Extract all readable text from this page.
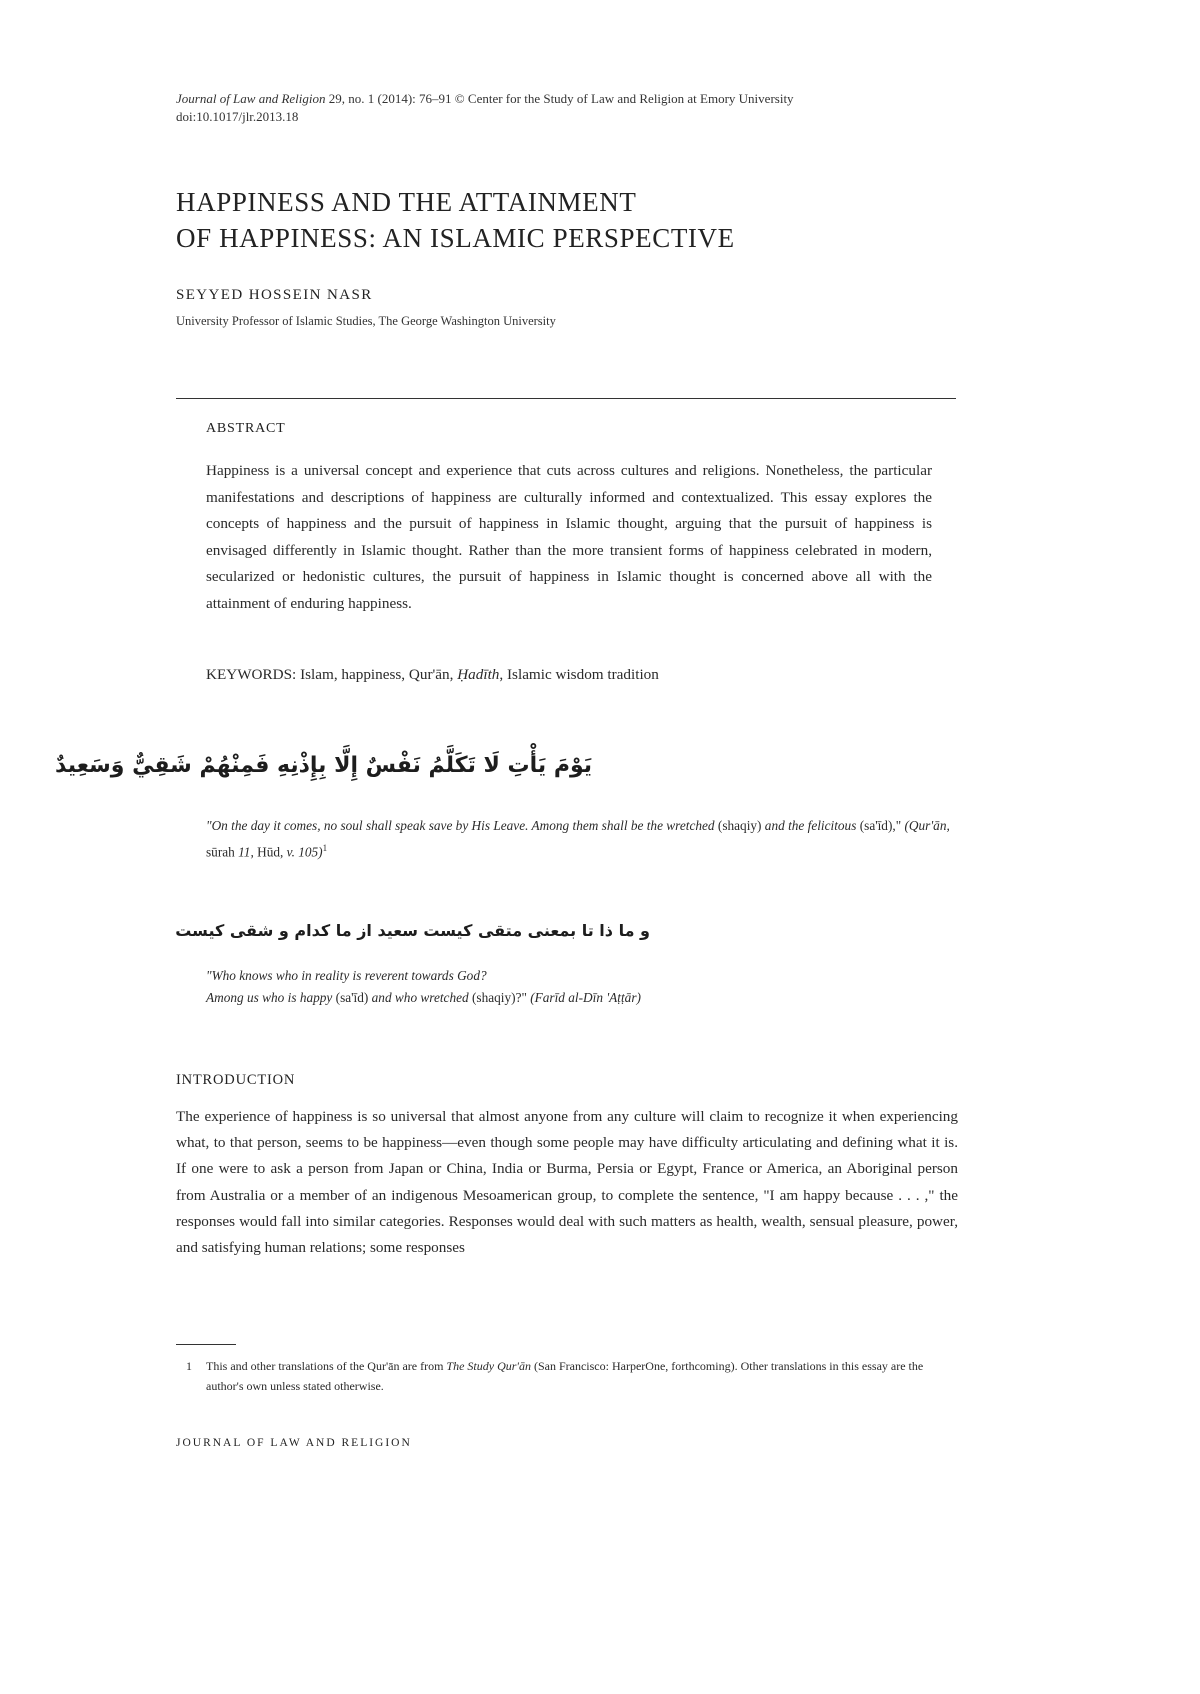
Journal of Law and Religion 29, no. 1 (2014): 76–91 © Center for the Study of Law and Religion at Emory University
doi:10.1017/jlr.2013.18
HAPPINESS AND THE ATTAINMENT
OF HAPPINESS: AN ISLAMIC PERSPECTIVE
SEYYED HOSSEIN NASR
University Professor of Islamic Studies, The George Washington University
ABSTRACT
Happiness is a universal concept and experience that cuts across cultures and religions. Nonetheless, the particular manifestations and descriptions of happiness are culturally informed and contextualized. This essay explores the concepts of happiness and the pursuit of happiness in Islamic thought, arguing that the pursuit of happiness is envisaged differently in Islamic thought. Rather than the more transient forms of happiness celebrated in modern, secularized or hedonistic cultures, the pursuit of happiness in Islamic thought is concerned above all with the attainment of enduring happiness.
KEYWORDS: Islam, happiness, Qur'ān, Ḥadīth, Islamic wisdom tradition
يَوْمَ يَأْتِ لَا تَكَلَّمُ نَفْسٌ إِلَّا بِإِذْنِهِ فَمِنْهُمْ شَقِيٌّ وَسَعِيدٌ
"On the day it comes, no soul shall speak save by His Leave. Among them shall be the wretched (shaqiy) and the felicitous (sa'īd)," (Qur'ān, sūrah 11, Hūd, v. 105)$^1$
و ما ذا تا بمعنی متقی کیست
سعید از ما کدام و شقی کیست
"Who knows who in reality is reverent towards God?
Among us who is happy (sa'īd) and who wretched (shaqiy)?" (Farīd al-Dīn 'Aṭṭār)
INTRODUCTION
The experience of happiness is so universal that almost anyone from any culture will claim to recognize it when experiencing what, to that person, seems to be happiness—even though some people may have difficulty articulating and defining what it is. If one were to ask a person from Japan or China, India or Burma, Persia or Egypt, France or America, an Aboriginal person from Australia or a member of an indigenous Mesoamerican group, to complete the sentence, "I am happy because . . . ," the responses would fall into similar categories. Responses would deal with such matters as health, wealth, sensual pleasure, power, and satisfying human relations; some responses
1 This and other translations of the Qur'ān are from The Study Qur'ān (San Francisco: HarperOne, forthcoming). Other translations in this essay are the author's own unless stated otherwise.
JOURNAL OF LAW AND RELIGION
